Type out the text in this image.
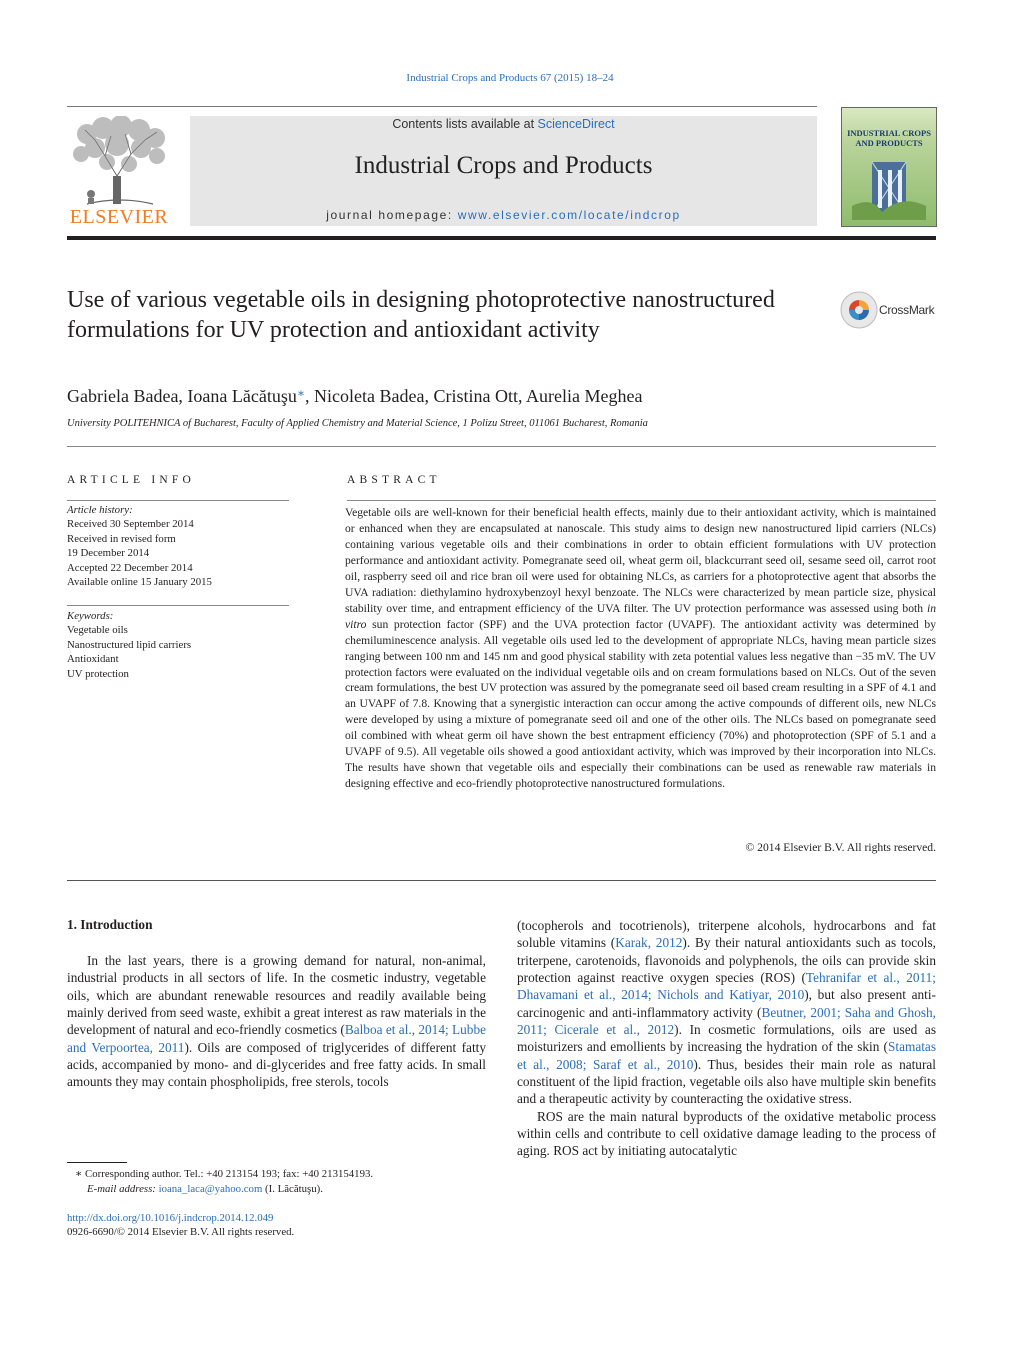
Industrial Crops and Products 67 (2015) 18–24
ELSEVIER
Contents lists available at ScienceDirect
Industrial Crops and Products
journal homepage: www.elsevier.com/locate/indcrop
INDUSTRIAL CROPS AND PRODUCTS
Use of various vegetable oils in designing photoprotective nanostructured formulations for UV protection and antioxidant activity
CrossMark
Gabriela Badea, Ioana Lăcătuşu∗, Nicoleta Badea, Cristina Ott, Aurelia Meghea
University POLITEHNICA of Bucharest, Faculty of Applied Chemistry and Material Science, 1 Polizu Street, 011061 Bucharest, Romania
ARTICLE INFO
Article history:
Received 30 September 2014
Received in revised form
19 December 2014
Accepted 22 December 2014
Available online 15 January 2015
Keywords:
Vegetable oils
Nanostructured lipid carriers
Antioxidant
UV protection
ABSTRACT
Vegetable oils are well-known for their beneficial health effects, mainly due to their antioxidant activity, which is maintained or enhanced when they are encapsulated at nanoscale. This study aims to design new nanostructured lipid carriers (NLCs) containing various vegetable oils and their combinations in order to obtain efficient formulations with UV protection performance and antioxidant activity. Pomegranate seed oil, wheat germ oil, blackcurrant seed oil, sesame seed oil, carrot root oil, raspberry seed oil and rice bran oil were used for obtaining NLCs, as carriers for a photoprotective agent that absorbs the UVA radiation: diethylamino hydroxybenzoyl hexyl benzoate. The NLCs were characterized by mean particle size, physical stability over time, and entrapment efficiency of the UVA filter. The UV protection performance was assessed using both in vitro sun protection factor (SPF) and the UVA protection factor (UVAPF). The antioxidant activity was determined by chemiluminescence analysis. All vegetable oils used led to the development of appropriate NLCs, having mean particle sizes ranging between 100 nm and 145 nm and good physical stability with zeta potential values less negative than −35 mV. The UV protection factors were evaluated on the individual vegetable oils and on cream formulations based on NLCs. Out of the seven cream formulations, the best UV protection was assured by the pomegranate seed oil based cream resulting in a SPF of 4.1 and an UVAPF of 7.8. Knowing that a synergistic interaction can occur among the active compounds of different oils, new NLCs were developed by using a mixture of pomegranate seed oil and one of the other oils. The NLCs based on pomegranate seed oil combined with wheat germ oil have shown the best entrapment efficiency (70%) and photoprotection (SPF of 5.1 and a UVAPF of 9.5). All vegetable oils showed a good antioxidant activity, which was improved by their incorporation into NLCs. The results have shown that vegetable oils and especially their combinations can be used as renewable raw materials in designing effective and eco-friendly photoprotective nanostructured formulations.
© 2014 Elsevier B.V. All rights reserved.
1. Introduction

In the last years, there is a growing demand for natural, non-animal, industrial products in all sectors of life. In the cosmetic industry, vegetable oils, which are abundant renewable resources and readily available being mainly derived from seed waste, exhibit a great interest as raw materials in the development of natural and eco-friendly cosmetics (Balboa et al., 2014; Lubbe and Verpoortea, 2011). Oils are composed of triglycerides of different fatty acids, accompanied by mono- and di-glycerides and free fatty acids. In small amounts they may contain phospholipids, free sterols, tocols

(tocopherols and tocotrienols), triterpene alcohols, hydrocarbons and fat soluble vitamins (Karak, 2012). By their natural antioxidants such as tocols, triterpene, carotenoids, flavonoids and polyphenols, the oils can provide skin protection against reactive oxygen species (ROS) (Tehranifar et al., 2011; Dhavamani et al., 2014; Nichols and Katiyar, 2010), but also present anti-carcinogenic and anti-inflammatory activity (Beutner, 2001; Saha and Ghosh, 2011; Cicerale et al., 2012). In cosmetic formulations, oils are used as moisturizers and emollients by increasing the hydration of the skin (Stamatas et al., 2008; Saraf et al., 2010). Thus, besides their main role as natural constituent of the lipid fraction, vegetable oils also have multiple skin benefits and a therapeutic activity by counteracting the oxidative stress.

ROS are the main natural byproducts of the oxidative metabolic process within cells and contribute to cell oxidative damage leading to the process of aging. ROS act by initiating autocatalytic

∗ Corresponding author. Tel.: +40 213154 193; fax: +40 213154193.
E-mail address: ioana_laca@yahoo.com (I. Lăcătuşu).
http://dx.doi.org/10.1016/j.indcrop.2014.12.049
0926-6690/© 2014 Elsevier B.V. All rights reserved.
